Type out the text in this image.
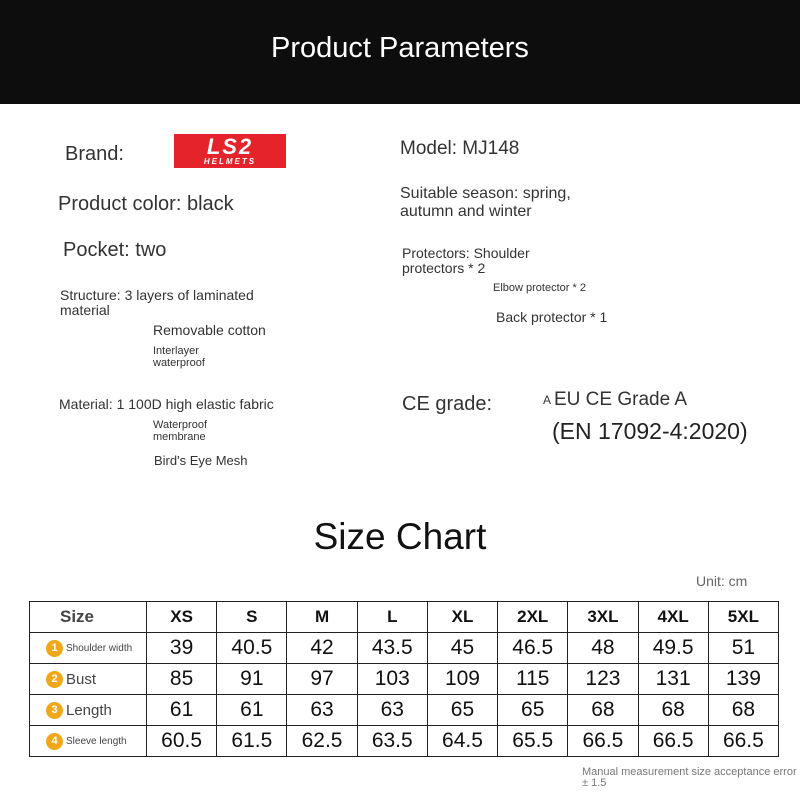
Product Parameters
Brand:	LS2
HELMETS
Model: MJ148
Product color: black	Suitable season: spring, autumn and winter
Pocket: two	Protectors: Shoulder protectors * 2
Elbow protector * 2
Back protector * 1
Structure: 3 layers of laminated material
Removable cotton
Interlayer waterproof
Material: 1 100D high elastic fabric
Waterproof membrane
Bird's Eye Mesh
CE grade:	A EU CE Grade A
(EN 17092-4:2020)
Size Chart
Unit: cm
Size	XS	S	M	L	XL	2XL	3XL	4XL	5XL

1 Shoulder width	39	40.5	42	43.5	45	46.5	48	49.5	51

2 Bust	85	91	97	103	109	115	123	131	139

3 Length	61	61	63	63	65	65	68	68	68

4 Sleeve length	60.5	61.5	62.5	63.5	64.5	65.5	66.5	66.5	66.5
Manual measurement size acceptance error ± 1.5
